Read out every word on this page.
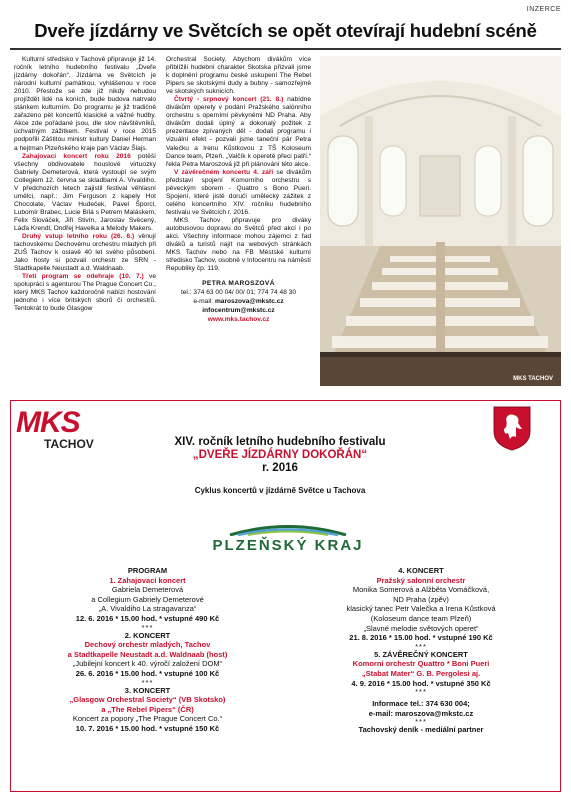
INZERCE
Dveře jízdárny ve Světcích se opět otevírají hudební scéně

Kulturní středisko v Tachově připravuje již 14. ročník letního hudebního festivalu „Dveře jízdárny dokořán“. Jízdárna ve Světcích je národní kulturní památkou, vyhlášenou v roce 2010. Přestože se zde již nikdy nebudou projíždět lidé na koních, bude budova natrvalo stánkem kulturním. Do programu je již tradičně zařazeno pět koncertů klasické a vážné hudby. Akce zde pořádané jsou, dle slov návštěvníků, úchvatným zážitkem. Festival v roce 2015 podpořili Záštitou ministr kultury Daniel Herman a hejtman Plzeňského kraje pan Václav Šlajs.

Zahajovací koncert roku 2016 potěší všechny obdivovatele houslové virtuozky Gabriely Demeterová, která vystoupí se svým Collegiem 12. června se skladbami A. Vivaldiho. V předchozích letech zajistil festival věhlasní umělci, např.: Jim Ferguson z kapely Hot Chocolate, Václav Hudeček, Pavel Šporcl, Lubomír Brabec, Lucie Bílá s Petrem Maláskem, Felix Slováček, Jiří Stivín, Jaroslav Svěcený, Láďa Krendl, Ondřej Havelka a Melody Makers.

Druhý vstup letního roku (26. 6.) věnují tachovskému Dechovému orchestru mladých při ZUŠ Tachov k oslavě 40 let svého působení. Jako hosty si pozvali orchestr ze SRN - Stadtkapelle Neustadt a.d. Waldnaab.

Třetí program se odehraje (10. 7.) ve spolupráci s agenturou The Prague Concert Co., který MKS Tachov každoročně nabízí hostování jednoho i více britských sborů či orchestrů. Tentokrát to bude Glasgow

Orchestral Society. Abychom divákům více přiblížili hudební charakter Skotska přizvali jsme k doplnění programu české uskupení The Rebel Pipers se skotskými dudy a bubny - samozřejmě ve skotských suknicích.

Čtvrtý - srpnový koncert (21. 8.) nabídne divákům operety v podání Pražského salónního orchestru s operními pěvkyněmi ND Praha. Aby divákům dodali úplný a dokonalý požitek z prezentace zpívaných děl - dodali programu i vizuální efekt - pozvali jsme taneční pár Petra Valečku a Irenu Kůstkovou z TŠ Koloseum Dance team, Plzeň. „Valčík k operetě přeci patří.“ řekla Petra Maroszová již při plánování této akce.

V závěrečném koncertu 4. září se divákům představí spojení Komorního orchestru s pěveckým sborem - Quattro s Bono Pueri. Spojení, které jistě doručí umělecký zážitek z celého koncertního XIV. ročníku hudebního festivalu ve Světcích r. 2016.

MKS Tachov připravuje pro diváky autobusovou dopravu do Světců před akcí i po akci. Všechny informace mohou zájemci z řad diváků a turistů najít na webových stránkách MKS Tachov nebo na FB Městské kulturní středisko Tachov, osobně v Infocentru na náměstí Republiky čp. 119.

PETRA MAROSZOVÁ
tel.: 374 63 00 04/ 00/ 01; 774 74 48 30
e-mail: maroszova@mkstc.cz
infocentrum@mkstc.cz
www.mks.tachov.cz
MKS TACHOV
MKS
TACHOV	XIV. ročník letního hudebního festivalu
„DVEŘE JÍZDÁRNY DOKOŘÁN“
r. 2016
Cyklus koncertů v jízdárně Světce u Tachova
PLZEŇSKÝ KRAJ
PROGRAM
1. Zahajovací koncert
Gabriela Demeterová
a Collegium Gabriely Demeterové
„A. Vivaldiho La stragavanza“
12. 6. 2016 * 15.00 hod. * vstupné 490 Kč
***
2. KONCERT
Dechový orchestr mladých, Tachov
a Stadtkapelle Neustadt a.d. Waldnaab (host)
„Jubilejní koncert k 40. výročí založení DOM“
26. 6. 2016 * 15.00 hod. * vstupné 100 Kč
***
3. KONCERT
„Glasgow Orchestral Society“ (VB Skotsko)
a „The Rebel Pipers“ (ČR)
Koncert za popory „The Prague Concert Co.“
10. 7. 2016 * 15.00 hod. * vstupné 150 Kč
4. KONCERT
Pražský salonní orchestr
Monika Somerová a Alžběta Vomáčková,
ND Praha (zpěv)
klasický tanec Petr Valečka a Irena Kůstková
(Koloseum dance team Plzeň)
„Slavné melodie světových operet“
21. 8. 2016 * 15.00 hod. * vstupné 190 Kč
***
5. ZÁVĚREČNÝ KONCERT
Komorní orchestr Quattro * Boni Pueri
„Stabat Mater“ G. B. Pergolesi aj.
4. 9. 2016 * 15.00 hod. * vstupné 350 Kč
***
Informace tel.: 374 630 004;
e-mail: maroszova@mkstc.cz
***
Tachovský deník - mediální partner
